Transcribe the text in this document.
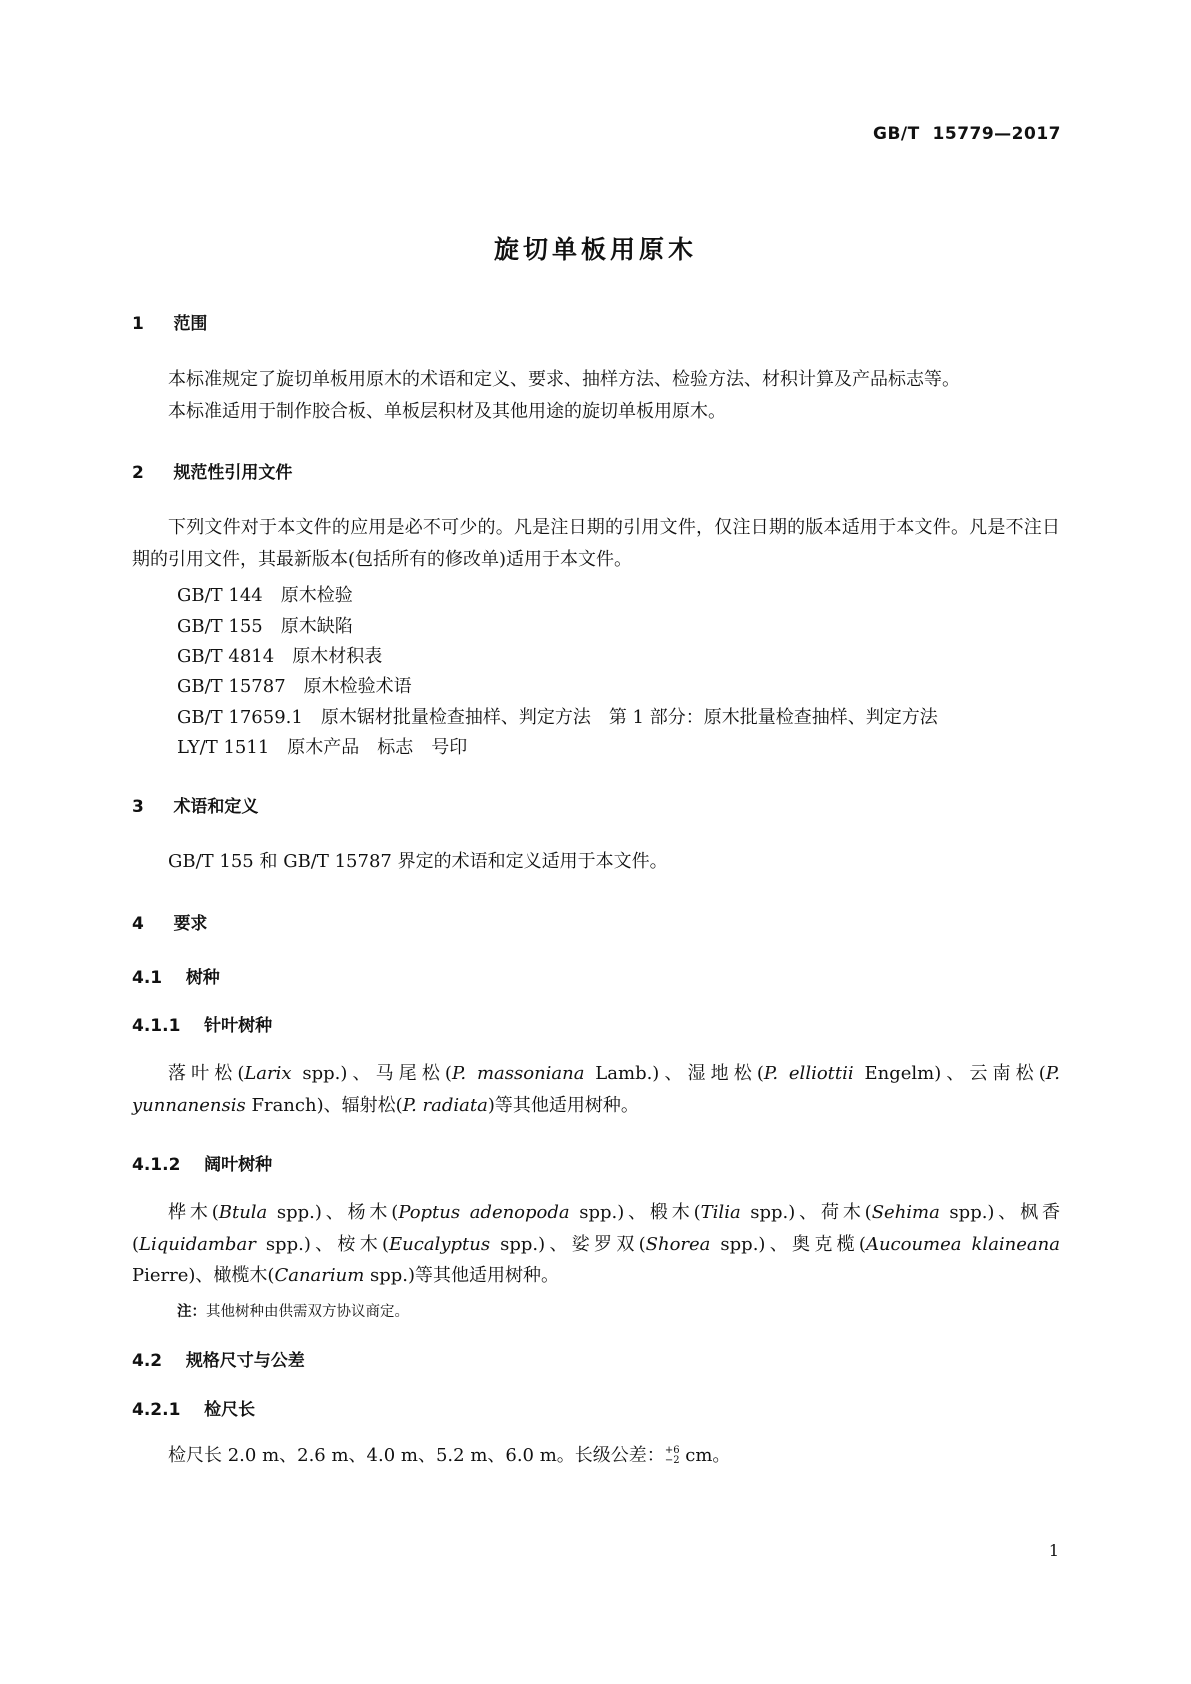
GB/T  15779—2017
旋切单板用原木
1 范围
本标准规定了旋切单板用原木的术语和定义、要求、抽样方法、检验方法、材积计算及产品标志等。
本标准适用于制作胶合板、单板层积材及其他用途的旋切单板用原木。
2 规范性引用文件
下列文件对于本文件的应用是必不可少的。凡是注日期的引用文件，仅注日期的版本适用于本文件。凡是不注日期的引用文件，其最新版本(包括所有的修改单)适用于本文件。
GB/T 144　原木检验
GB/T 155　原木缺陷
GB/T 4814　原木材积表
GB/T 15787　原木检验术语
GB/T 17659.1　原木锯材批量检查抽样、判定方法　第 1 部分：原木批量检查抽样、判定方法
LY/T 1511　原木产品　标志　号印
3 术语和定义
GB/T 155 和 GB/T 15787 界定的术语和定义适用于本文件。
4 要求
4.1 树种
4.1.1 针叶树种
落叶松(Larix spp.)、马尾松(P. massoniana Lamb.)、湿地松(P. elliottii Engelm)、云南松(P. yunnanensis Franch)、辐射松(P. radiata)等其他适用树种。
4.1.2 阔叶树种
桦木(Btula spp.)、杨木(Poptus adenopoda spp.)、椴木(Tilia spp.)、荷木(Sehima spp.)、枫香(Liquidambar spp.)、桉木(Eucalyptus spp.)、娑罗双(Shorea spp.)、奥克榄(Aucoumea klaineana Pierre)、橄榄木(Canarium spp.)等其他适用树种。
注：其他树种由供需双方协议商定。
4.2 规格尺寸与公差
4.2.1 检尺长
检尺长 2.0 m、2.6 m、4.0 m、5.2 m、6.0 m。长级公差： +6
−2 cm。
1
